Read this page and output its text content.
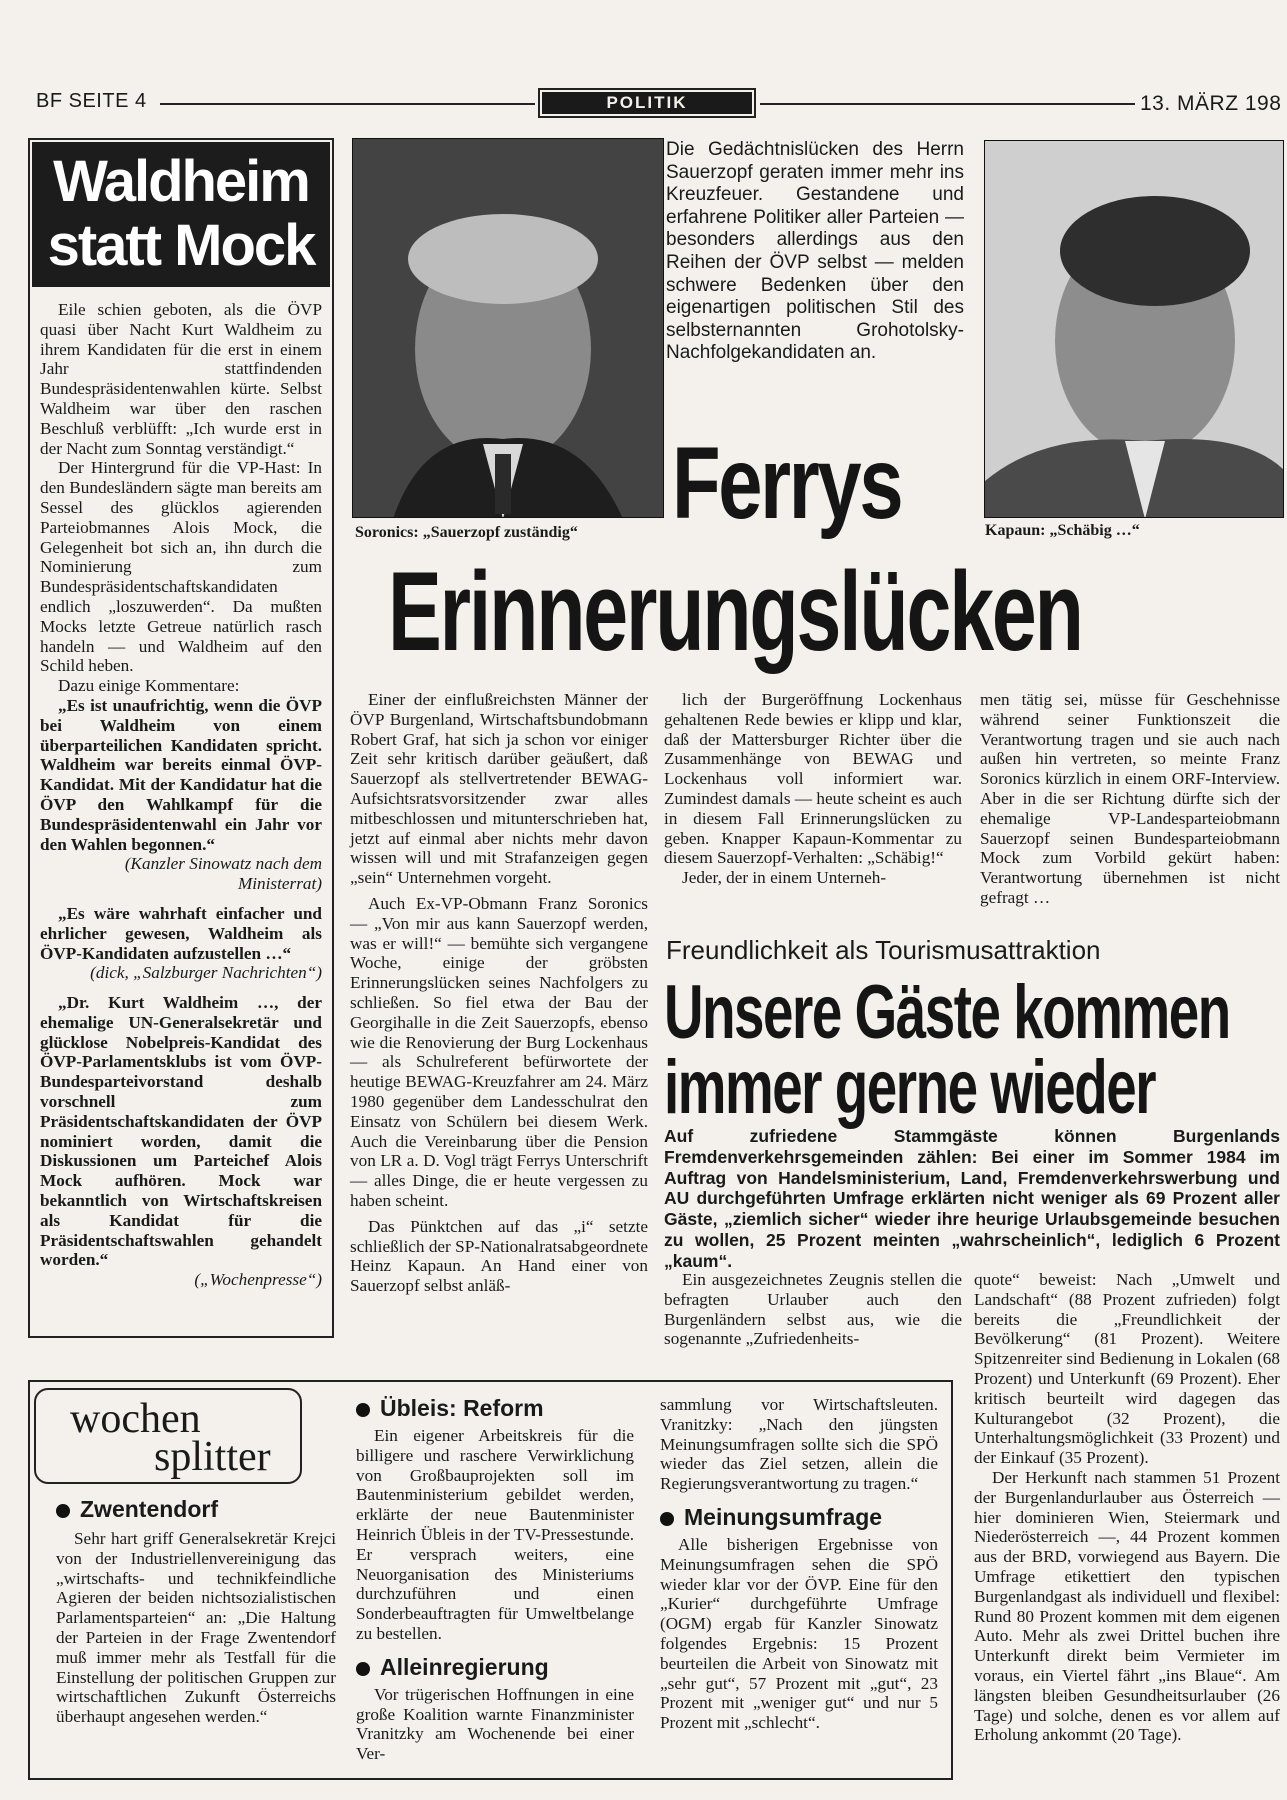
BF SEITE 4	POLITIK	13. MÄRZ 198
Waldheim
statt Mock

Eile schien geboten, als die ÖVP quasi über Nacht Kurt Waldheim zu ihrem Kandidaten für die erst in einem Jahr stattfindenden Bundespräsidentenwahlen kürte. Selbst Waldheim war über den raschen Beschluß verblüfft: „Ich wurde erst in der Nacht zum Sonntag verständigt.“

Der Hintergrund für die VP-Hast: In den Bundesländern sägte man bereits am Sessel des glücklos agierenden Parteiobmannes Alois Mock, die Gelegenheit bot sich an, ihn durch die Nominierung zum Bundespräsidentschaftskandidaten endlich „loszuwerden“. Da mußten Mocks letzte Getreue natürlich rasch handeln — und Waldheim auf den Schild heben.

Dazu einige Kommentare:

„Es ist unaufrichtig, wenn die ÖVP bei Waldheim von einem überparteilichen Kandidaten spricht. Waldheim war bereits einmal ÖVP-Kandidat. Mit der Kandidatur hat die ÖVP den Wahlkampf für die Bundespräsidentenwahl ein Jahr vor den Wahlen begonnen.“

(Kanzler Sinowatz nach dem Ministerrat)

„Es wäre wahrhaft einfacher und ehrlicher gewesen, Waldheim als ÖVP-Kandidaten aufzustellen …“

(dick, „Salzburger Nachrichten“)

„Dr. Kurt Waldheim …, der ehemalige UN-Generalsekretär und glücklose Nobelpreis-Kandidat des ÖVP-Parlamentsklubs ist vom ÖVP-Bundesparteivorstand deshalb vorschnell zum Präsidentschaftskandidaten der ÖVP nominiert worden, damit die Diskussionen um Parteichef Alois Mock aufhören. Mock war bekanntlich von Wirtschaftskreisen als Kandidat für die Präsidentschaftswahlen gehandelt worden.“

(„Wochenpresse“)

Soronics: „Sauerzopf zuständig“
Die Gedächtnislücken des Herrn Sauerzopf geraten immer mehr ins Kreuzfeuer. Gestandene und erfahrene Politiker aller Parteien — besonders allerdings aus den Reihen der ÖVP selbst — melden schwere Bedenken über den eigenartigen politischen Stil des selbsternannten Grohotolsky-Nachfolgekandidaten an.
Kapaun: „Schäbig …“
Ferrys
Erinnerungslücken

Einer der einflußreichsten Männer der ÖVP Burgenland, Wirtschaftsbundobmann Robert Graf, hat sich ja schon vor einiger Zeit sehr kritisch darüber geäußert, daß Sauerzopf als stellvertretender BEWAG-Aufsichtsratsvorsitzender zwar alles mitbeschlossen und mitunterschrieben hat, jetzt auf einmal aber nichts mehr davon wissen will und mit Strafanzeigen gegen „sein“ Unternehmen vorgeht.

Auch Ex-VP-Obmann Franz Soronics — „Von mir aus kann Sauerzopf werden, was er will!“ — bemühte sich vergangene Woche, einige der gröbsten Erinnerungslücken seines Nachfolgers zu schließen. So fiel etwa der Bau der Georgihalle in die Zeit Sauerzopfs, ebenso wie die Renovierung der Burg Lockenhaus — als Schulreferent befürwortete der heutige BEWAG-Kreuzfahrer am 24. März 1980 gegenüber dem Landesschulrat den Einsatz von Schülern bei diesem Werk. Auch die Vereinbarung über die Pension von LR a. D. Vogl trägt Ferrys Unterschrift — alles Dinge, die er heute vergessen zu haben scheint.

Das Pünktchen auf das „i“ setzte schließlich der SP-Nationalratsabgeordnete Heinz Kapaun. An Hand einer von Sauerzopf selbst anläß-

lich der Burgeröffnung Lockenhaus gehaltenen Rede bewies er klipp und klar, daß der Mattersburger Richter über die Zusammenhänge von BEWAG und Lockenhaus voll informiert war. Zumindest damals — heute scheint es auch in diesem Fall Erinnerungslücken zu geben. Knapper Kapaun-Kommentar zu diesem Sauerzopf-Verhalten: „Schäbig!“

Jeder, der in einem Unterneh-

men tätig sei, müsse für Geschehnisse während seiner Funktionszeit die Verantwortung tragen und sie auch nach außen hin vertreten, so meinte Franz Soronics kürzlich in einem ORF-Interview. Aber in die ser Richtung dürfte sich der ehemalige VP-Landesparteiobmann Sauerzopf seinen Bundesparteiobmann Mock zum Vorbild gekürt haben: Verantwortung übernehmen ist nicht gefragt …

Freundlichkeit als Tourismusattraktion
Unsere Gäste kommen
immer gerne wieder
Auf zufriedene Stammgäste können Burgenlands Fremdenverkehrsgemeinden zählen: Bei einer im Sommer 1984 im Auftrag von Handelsministerium, Land, Fremdenverkehrswerbung und AU durchgeführten Umfrage erklärten nicht weniger als 69 Prozent aller Gäste, „ziemlich sicher“ wieder ihre heurige Urlaubsgemeinde besuchen zu wollen, 25 Prozent meinten „wahrscheinlich“, lediglich 6 Prozent „kaum“.

Ein ausgezeichnetes Zeugnis stellen die befragten Urlauber auch den Burgenländern selbst aus, wie die sogenannte „Zufriedenheits-

quote“ beweist: Nach „Umwelt und Landschaft“ (88 Prozent zufrieden) folgt bereits die „Freundlichkeit der Bevölkerung“ (81 Prozent). Weitere Spitzenreiter sind Bedienung in Lokalen (68 Prozent) und Unterkunft (69 Prozent). Eher kritisch beurteilt wird dagegen das Kulturangebot (32 Prozent), die Unterhaltungsmöglichkeit (33 Prozent) und der Einkauf (35 Prozent).

Der Herkunft nach stammen 51 Prozent der Burgenlandurlauber aus Österreich — hier dominieren Wien, Steiermark und Niederösterreich —, 44 Prozent kommen aus der BRD, vorwiegend aus Bayern. Die Umfrage etikettiert den typischen Burgenlandgast als individuell und flexibel: Rund 80 Prozent kommen mit dem eigenen Auto. Mehr als zwei Drittel buchen ihre Unterkunft direkt beim Vermieter im voraus, ein Viertel fährt „ins Blaue“. Am längsten bleiben Gesundheitsurlauber (26 Tage) und solche, denen es vor allem auf Erholung ankommt (20 Tage).

wochen
splitter
Zwentendorf

Sehr hart griff Generalsekretär Krejci von der Industriellenvereinigung das „wirtschafts- und technikfeindliche Agieren der beiden nichtsozialistischen Parlamentsparteien“ an: „Die Haltung der Parteien in der Frage Zwentendorf muß immer mehr als Testfall für die Einstellung der politischen Gruppen zur wirtschaftlichen Zukunft Österreichs überhaupt angesehen werden.“

Übleis: Reform

Ein eigener Arbeitskreis für die billigere und raschere Verwirklichung von Großbauprojekten soll im Bautenministerium gebildet werden, erklärte der neue Bautenminister Heinrich Übleis in der TV-Pressestunde. Er versprach weiters, eine Neuorganisation des Ministeriums durchzuführen und einen Sonderbeauftragten für Umweltbelange zu bestellen.

Alleinregierung

Vor trügerischen Hoffnungen in eine große Koalition warnte Finanzminister Vranitzky am Wochenende bei einer Ver-

sammlung vor Wirtschaftsleuten. Vranitzky: „Nach den jüngsten Meinungsumfragen sollte sich die SPÖ wieder das Ziel setzen, allein die Regierungsverantwortung zu tragen.“

Meinungsumfrage

Alle bisherigen Ergebnisse von Meinungsumfragen sehen die SPÖ wieder klar vor der ÖVP. Eine für den „Kurier“ durchgeführte Umfrage (OGM) ergab für Kanzler Sinowatz folgendes Ergebnis: 15 Prozent beurteilen die Arbeit von Sinowatz mit „sehr gut“, 57 Prozent mit „gut“, 23 Prozent mit „weniger gut“ und nur 5 Prozent mit „schlecht“.
